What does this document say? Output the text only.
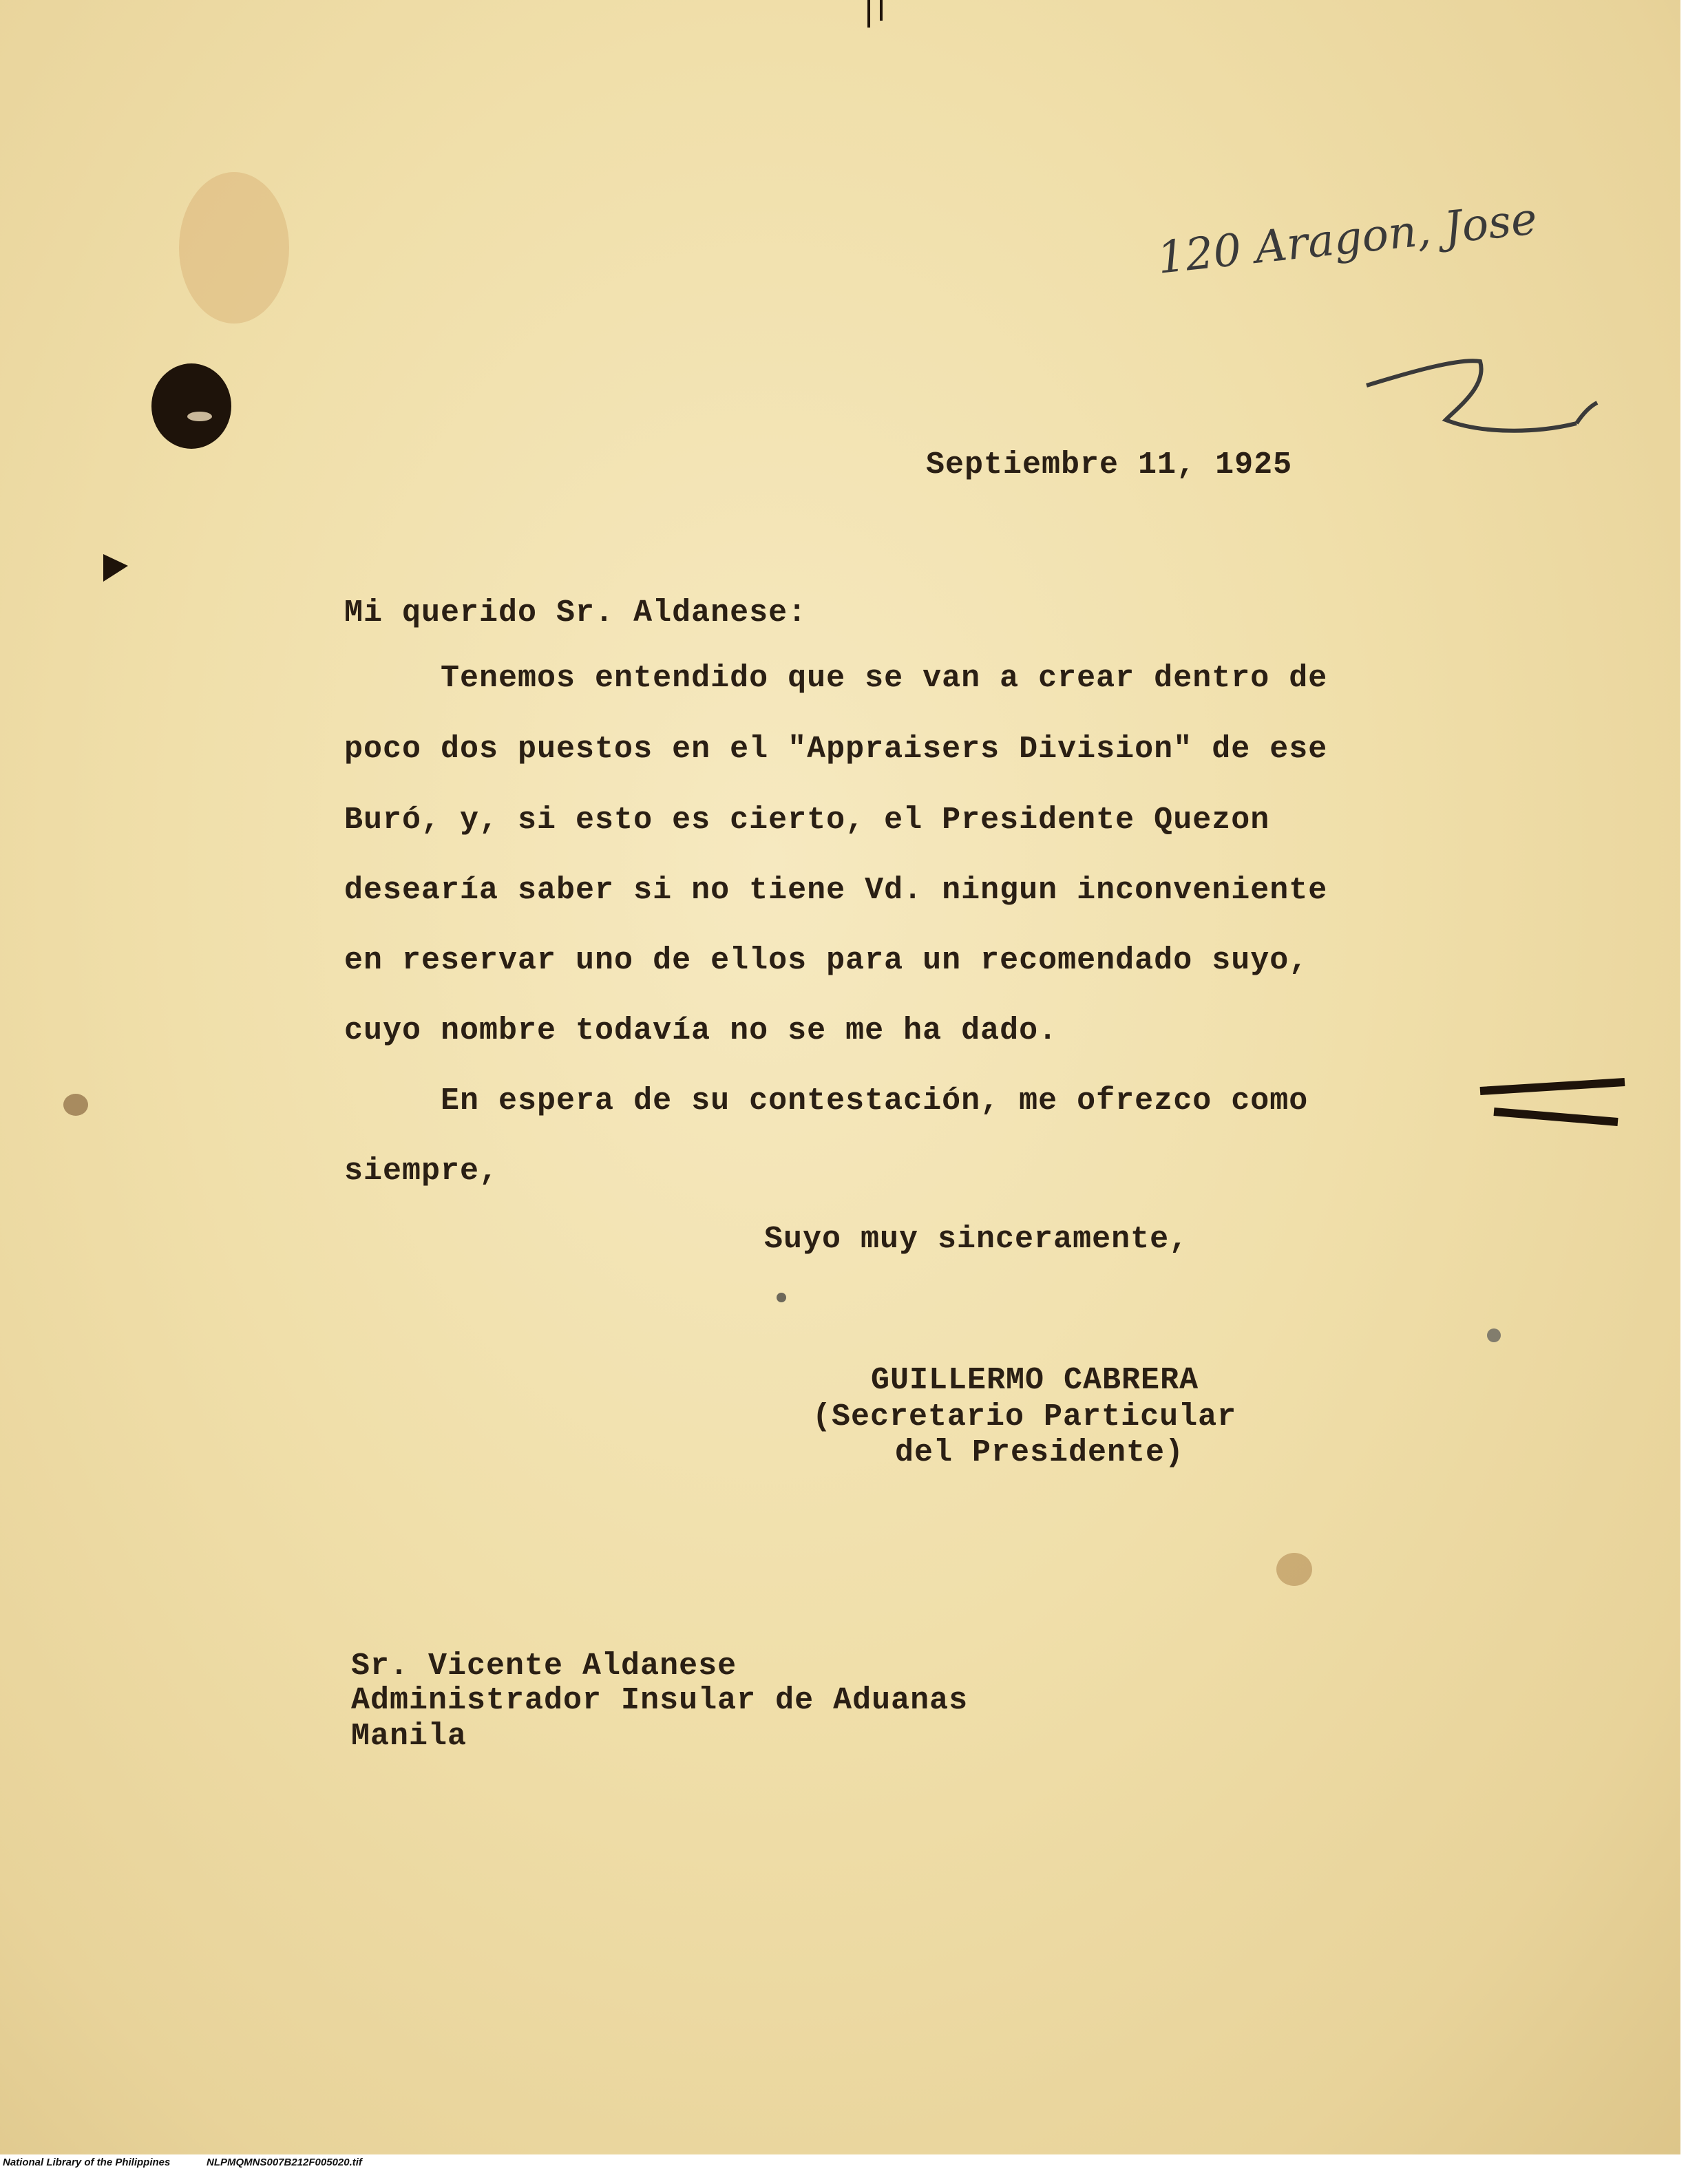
120 Aragon, Jose
Septiembre 11, 1925
Mi querido Sr. Aldanese:
Tenemos entendido que se van a crear dentro de
poco dos puestos en el "Appraisers Division" de ese
Buró, y, si esto es cierto, el Presidente Quezon
desearía saber si no tiene Vd. ningun inconveniente
en reservar uno de ellos para un recomendado suyo,
cuyo nombre todavía no se me ha dado.
En espera de su contestación, me ofrezco como
siempre,
Suyo muy sinceramente,
GUILLERMO CABRERA
(Secretario Particular
del Presidente)
Sr. Vicente Aldanese
Administrador Insular de Aduanas
Manila
National Library of the Philippines	NLPMQMNS007B212F005020.tif
